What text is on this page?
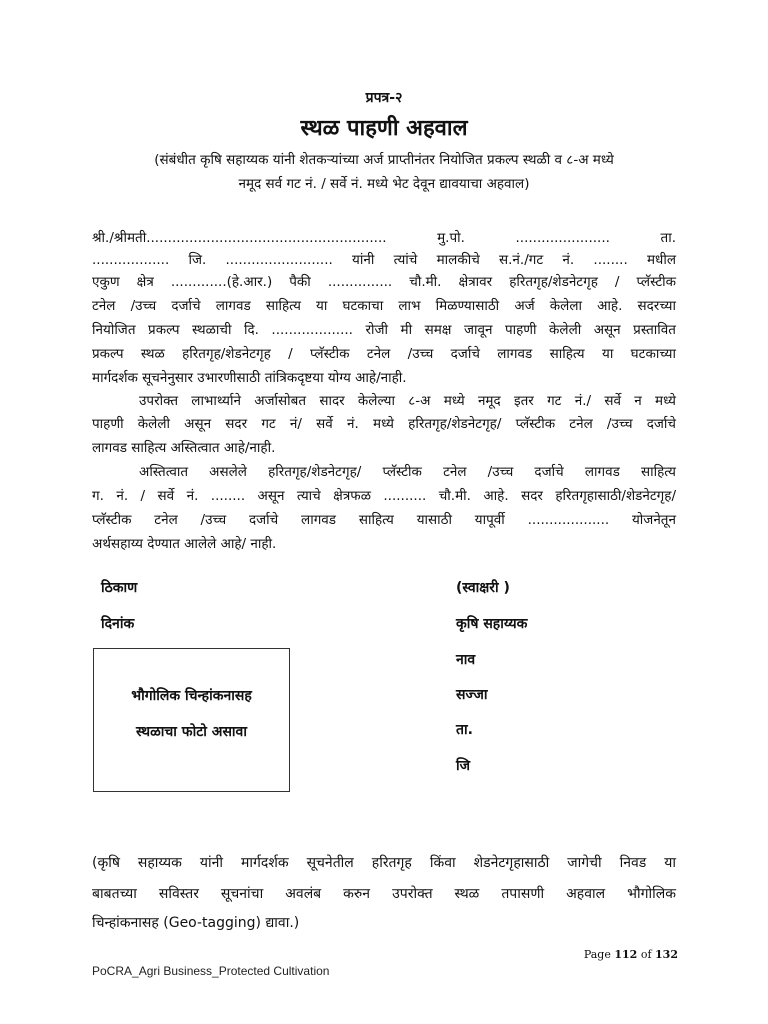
प्रपत्र-२
स्थळ पाहणी अहवाल
(संबंधीत कृषि सहाय्यक यांनी शेतकऱ्यांच्या अर्ज प्राप्तीनंतर नियोजित प्रकल्प स्थळी व ८-अ मध्ये
नमूद सर्व गट नं. / सर्वे नं. मध्ये भेट देवून द्यावयाचा अहवाल)
श्री./श्रीमती........................................................ मु.पो. ...................... ता.
.................. जि. ......................... यांनी त्यांचे मालकीचे स.नं./गट नं. ........ मधील
एकुण क्षेत्र .............(हे.आर.) पैकी ............... चौ.मी. क्षेत्रावर हरितगृह/शेडनेटगृह / प्लॅस्टीक
टनेल /उच्च दर्जाचे लागवड साहित्य या घटकाचा लाभ मिळण्यासाठी अर्ज केलेला आहे. सदरच्या
नियोजित प्रकल्प स्थळाची दि. ................... रोजी मी समक्ष जावून पाहणी केलेली असून प्रस्तावित
प्रकल्प स्थळ हरितगृह/शेडनेटगृह / प्लॅस्टीक टनेल /उच्च दर्जाचे लागवड साहित्य या घटकाच्या
मार्गदर्शक सूचनेनुसार उभारणीसाठी तांत्रिकदृष्टया योग्य आहे/नाही.
उपरोक्त लाभार्थ्याने अर्जासोबत सादर केलेल्या ८-अ मध्ये नमूद इतर गट नं./ सर्वे न मध्ये
पाहणी केलेली असून सदर गट नं/ सर्वे नं. मध्ये हरितगृह/शेडनेटगृह/ प्लॅस्टीक टनेल /उच्च दर्जाचे
लागवड साहित्य अस्तित्वात आहे/नाही.
अस्तित्वात असलेले हरितगृह/शेडनेटगृह/ प्लॅस्टीक टनेल /उच्च दर्जाचे लागवड साहित्य
ग. नं. / सर्वे नं. ........ असून त्याचे क्षेत्रफळ .......... चौ.मी. आहे. सदर हरितगृहासाठी/शेडनेटगृह/
प्लॅस्टीक टनेल /उच्च दर्जाचे लागवड साहित्य यासाठी यापूर्वी ................... योजनेतून
अर्थसहाय्य देण्यात आलेले आहे/ नाही.
ठिकाण
दिनांक
(स्वाक्षरी )
कृषि सहाय्यक
नाव
सज्जा
ता.
जि
भौगोलिक चिन्हांकनासह
स्थळाचा फोटो असावा
(कृषि सहाय्यक यांनी मार्गदर्शक सूचनेतील हरितगृह किंवा शेडनेटगृहासाठी जागेची निवड या
बाबतच्या सविस्तर सूचनांचा अवलंब करुन उपरोक्त स्थळ तपासणी अहवाल भौगोलिक
चिन्हांकनासह (Geo-tagging) द्यावा.)
Page 112 of 132
PoCRA_Agri Business_Protected Cultivation
